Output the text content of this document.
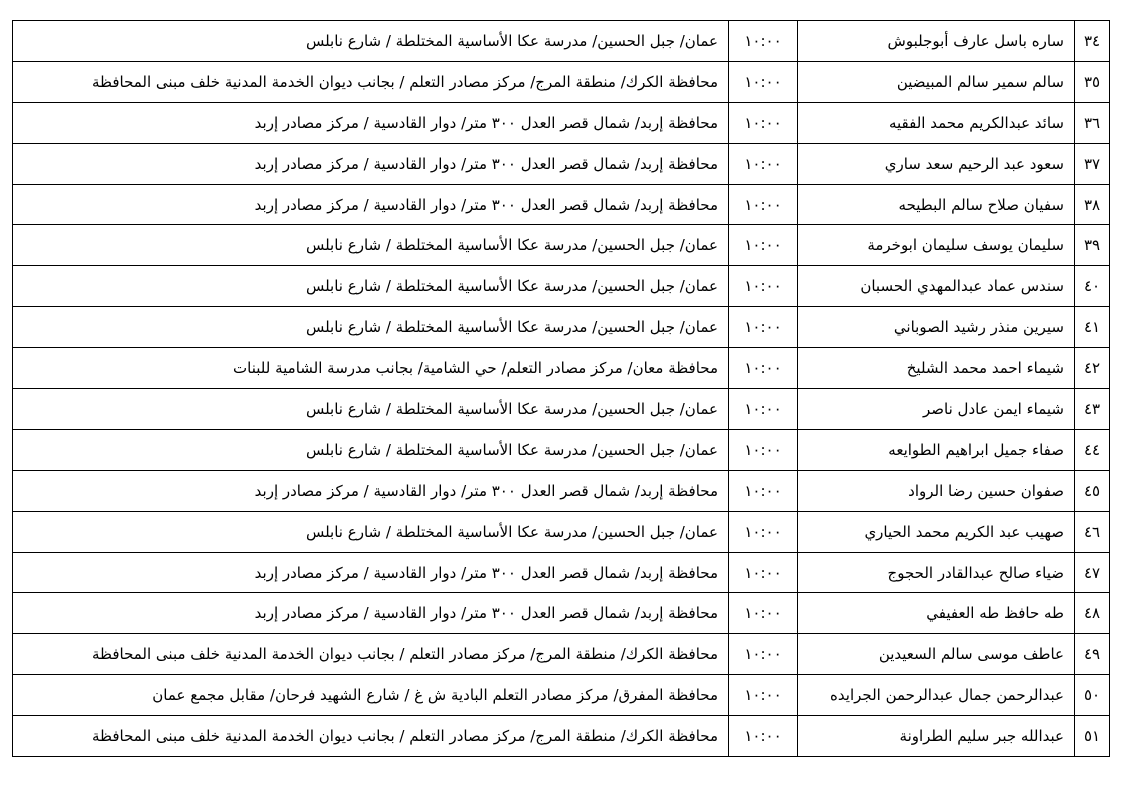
٣٤	ساره باسل عارف أبوجلبوش	١٠:٠٠	عمان/ جبل الحسين/ مدرسة عكا الأساسية المختلطة / شارع نابلس
٣٥	سالم سمير سالم المبيضين	١٠:٠٠	محافظة الكرك/ منطقة المرج/ مركز مصادر التعلم / بجانب ديوان الخدمة المدنية خلف مبنى المحافظة
٣٦	سائد عبدالكريم محمد الفقيه	١٠:٠٠	محافظة إربد/ شمال قصر العدل ٣٠٠ متر/ دوار القادسية / مركز مصادر إربد
٣٧	سعود عبد الرحيم سعد ساري	١٠:٠٠	محافظة إربد/ شمال قصر العدل ٣٠٠ متر/ دوار القادسية / مركز مصادر إربد
٣٨	سفيان صلاح سالم البطيحه	١٠:٠٠	محافظة إربد/ شمال قصر العدل ٣٠٠ متر/ دوار القادسية / مركز مصادر إربد
٣٩	سليمان يوسف سليمان ابوخرمة	١٠:٠٠	عمان/ جبل الحسين/ مدرسة عكا الأساسية المختلطة / شارع نابلس
٤٠	سندس عماد عبدالمهدي الحسبان	١٠:٠٠	عمان/ جبل الحسين/ مدرسة عكا الأساسية المختلطة / شارع نابلس
٤١	سيرين منذر رشيد الصوباني	١٠:٠٠	عمان/ جبل الحسين/ مدرسة عكا الأساسية المختلطة / شارع نابلس
٤٢	شيماء احمد محمد الشليخ	١٠:٠٠	محافظة معان/ مركز مصادر التعلم/ حي الشامية/ بجانب مدرسة الشامية للبنات
٤٣	شيماء ايمن عادل ناصر	١٠:٠٠	عمان/ جبل الحسين/ مدرسة عكا الأساسية المختلطة / شارع نابلس
٤٤	صفاء جميل ابراهيم الطوايعه	١٠:٠٠	عمان/ جبل الحسين/ مدرسة عكا الأساسية المختلطة / شارع نابلس
٤٥	صفوان حسين رضا الرواد	١٠:٠٠	محافظة إربد/ شمال قصر العدل ٣٠٠ متر/ دوار القادسية / مركز مصادر إربد
٤٦	صهيب عبد الكريم محمد الحياري	١٠:٠٠	عمان/ جبل الحسين/ مدرسة عكا الأساسية المختلطة / شارع نابلس
٤٧	ضياء صالح عبدالقادر الحجوج	١٠:٠٠	محافظة إربد/ شمال قصر العدل ٣٠٠ متر/ دوار القادسية / مركز مصادر إربد
٤٨	طه حافظ طه العفيفي	١٠:٠٠	محافظة إربد/ شمال قصر العدل ٣٠٠ متر/ دوار القادسية / مركز مصادر إربد
٤٩	عاطف موسى سالم السعيدين	١٠:٠٠	محافظة الكرك/ منطقة المرج/ مركز مصادر التعلم / بجانب ديوان الخدمة المدنية خلف مبنى المحافظة
٥٠	عبدالرحمن جمال عبدالرحمن الجرايده	١٠:٠٠	محافظة المفرق/ مركز مصادر التعلم البادية ش غ / شارع الشهيد فرحان/ مقابل مجمع عمان
٥١	عبدالله جبر سليم الطراونة	١٠:٠٠	محافظة الكرك/ منطقة المرج/ مركز مصادر التعلم / بجانب ديوان الخدمة المدنية خلف مبنى المحافظة
